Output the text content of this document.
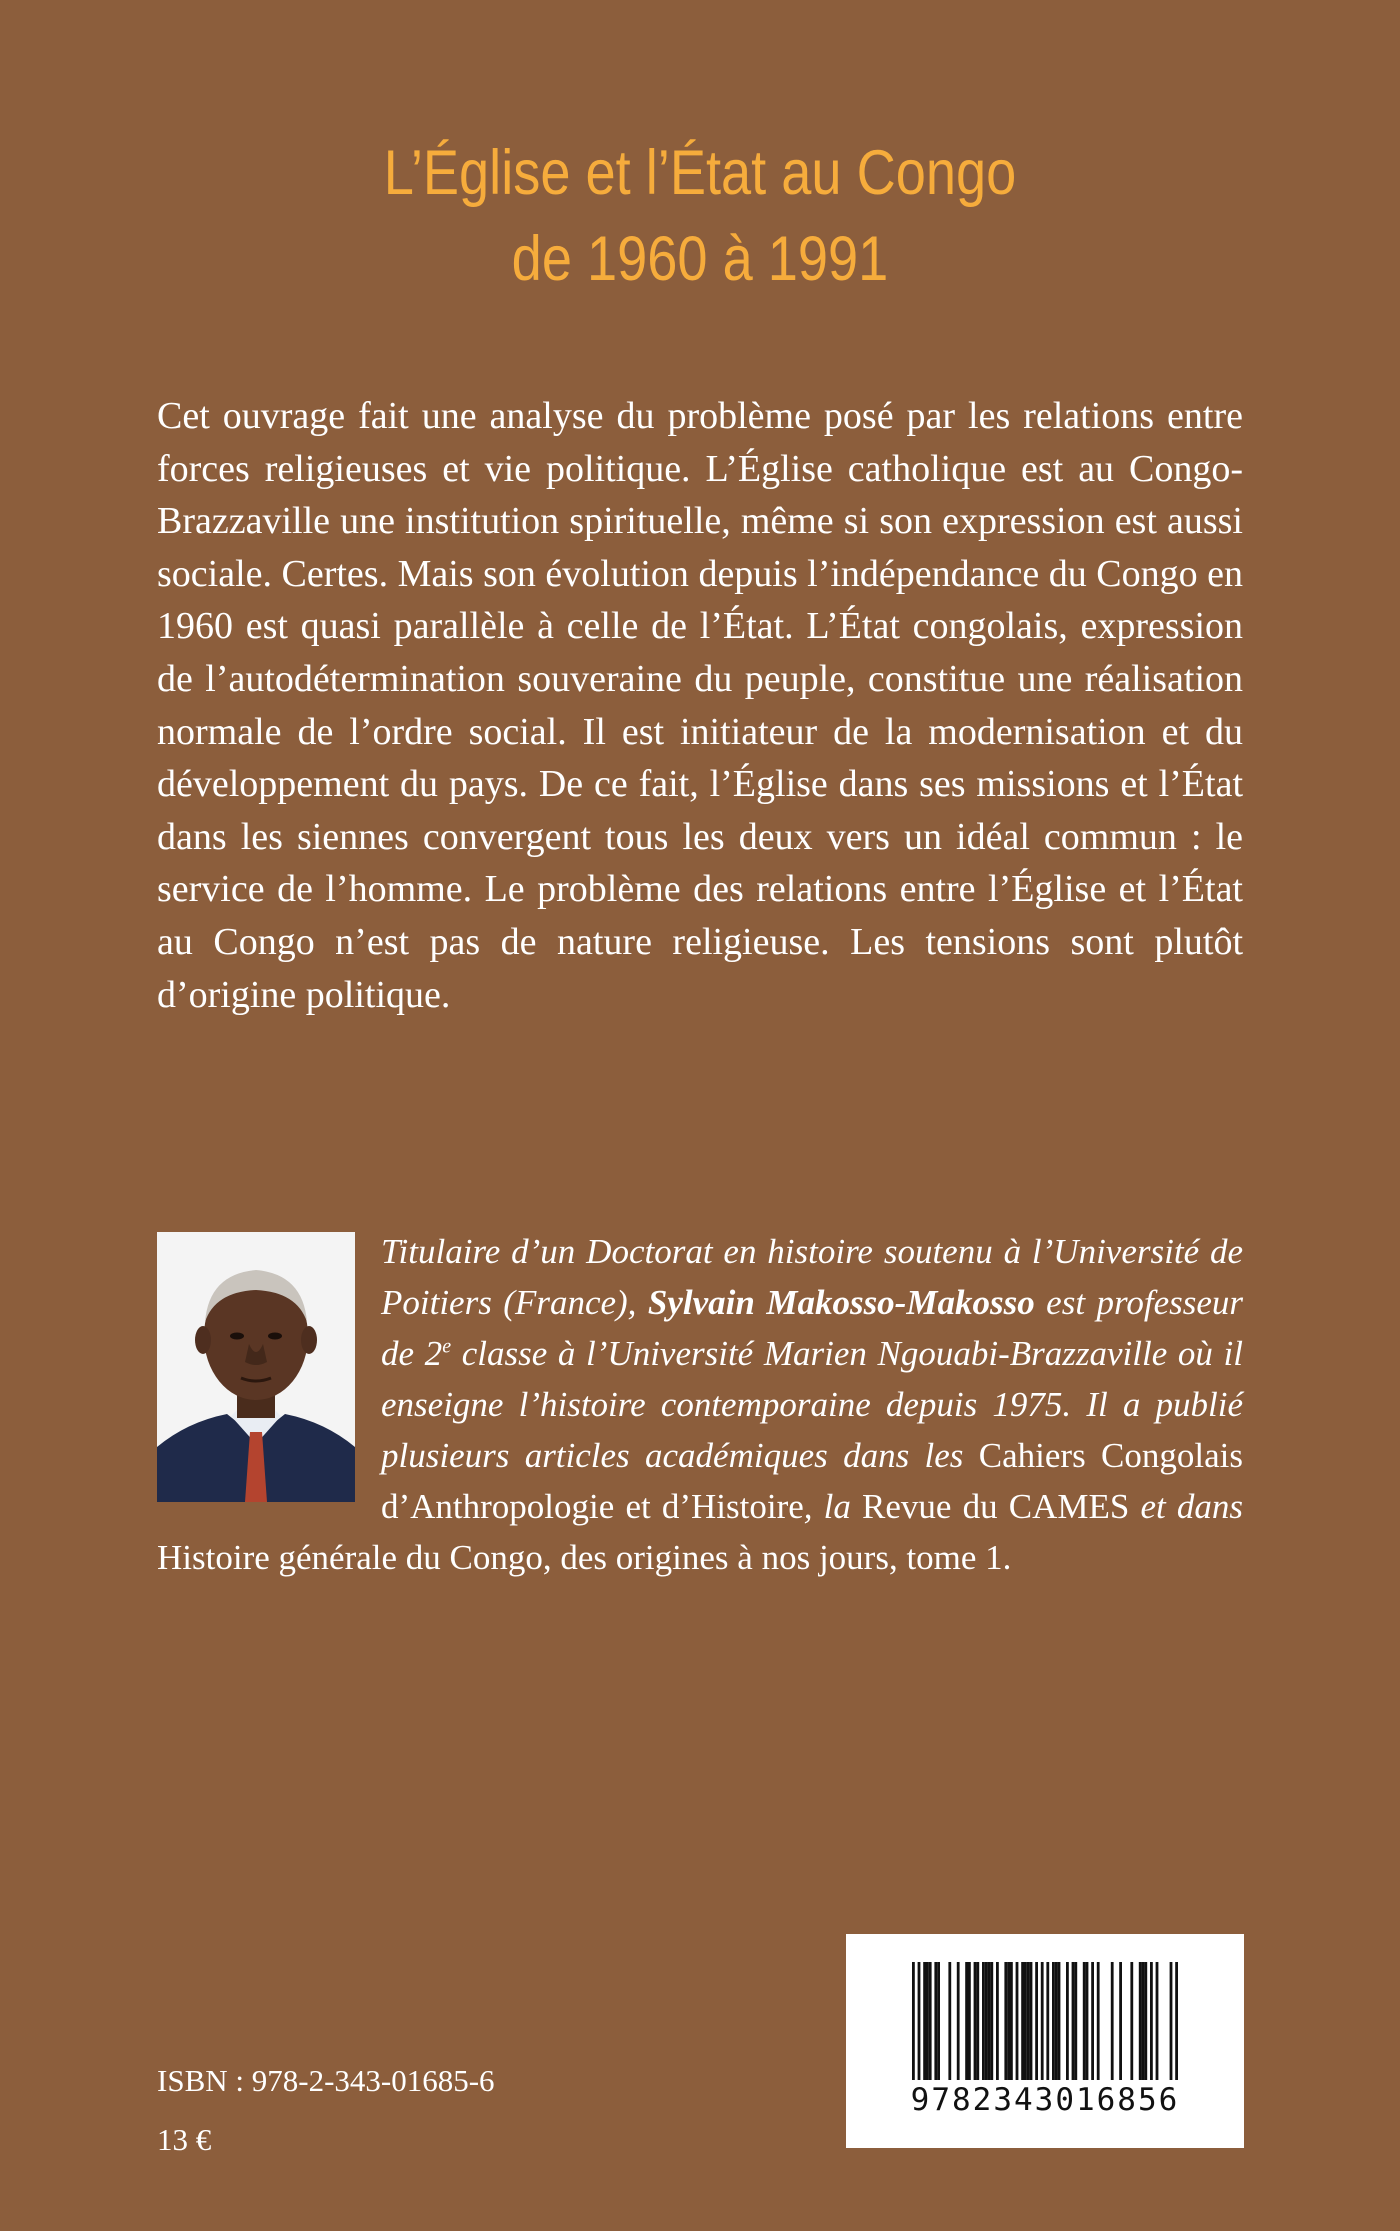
L’Église et l’État au Congo
de 1960 à 1991

Cet ouvrage fait une analyse du problème posé par les relations entre forces religieuses et vie politique. L’Église catholique est au Congo-Brazzaville une institution spirituelle, même si son expression est aussi sociale. Certes. Mais son évolution depuis l’indépendance du Congo en 1960 est quasi parallèle à celle de l’État. L’État congolais, expression de l’autodétermination souveraine du peuple, constitue une réalisation normale de l’ordre social. Il est initiateur de la modernisation et du développement du pays. De ce fait, l’Église dans ses missions et l’État dans les siennes convergent tous les deux vers un idéal commun : le service de l’homme. Le problème des relations entre l’Église et l’État au Congo n’est pas de nature religieuse. Les tensions sont plutôt d’origine politique.

Titulaire d’un Doctorat en histoire soutenu à l’Université de Poitiers (France), Sylvain Makosso-Makosso est professeur de 2e classe à l’Université Marien Ngouabi-Brazzaville où il enseigne l’histoire contemporaine depuis 1975. Il a publié plusieurs articles académiques dans les Cahiers Congolais d’Anthropologie et d’Histoire, la Revue du CAMES et dans Histoire générale du Congo, des origines à nos jours, tome 1.

ISBN : 978-2-343-01685-6
13 €
9782343016856
